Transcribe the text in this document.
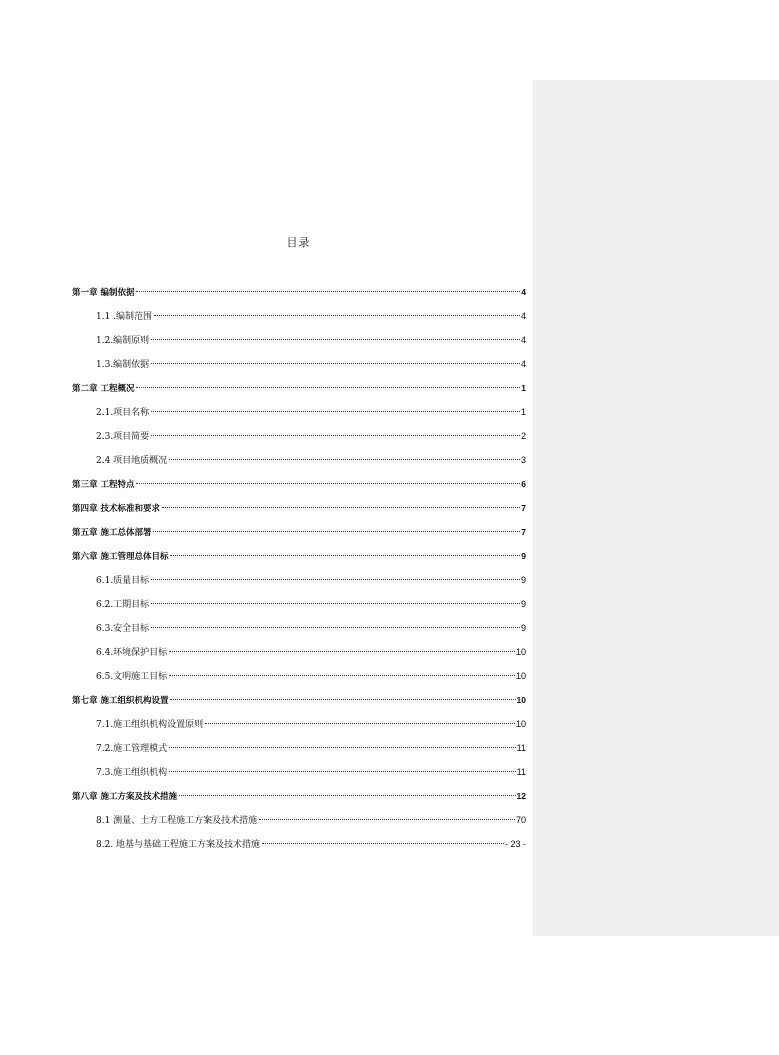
目录
第一章 编制依据	4
1.1 .编制范围	4
1.2.编制原则	4
1.3.编制依据	4
第二章 工程概况	1
2.1.项目名称	1
2.3.项目简要	2
2.4 项目地质概况	3
第三章 工程特点	6
第四章 技术标准和要求	7
第五章 施工总体部署	7
第六章 施工管理总体目标	9
6.1.质量目标	9
6.2.工期目标	9
6.3.安全目标	9
6.4.环境保护目标	10
6.5.文明施工目标	10
第七章 施工组织机构设置	10
7.1.施工组织机构设置原则	10
7.2.施工管理模式	11
7.3.施工组织机构	11
第八章 施工方案及技术措施	12
8.1 测量、土方工程施工方案及技术措施	70
8.2. 地基与基础工程施工方案及技术措施	- 23 -
